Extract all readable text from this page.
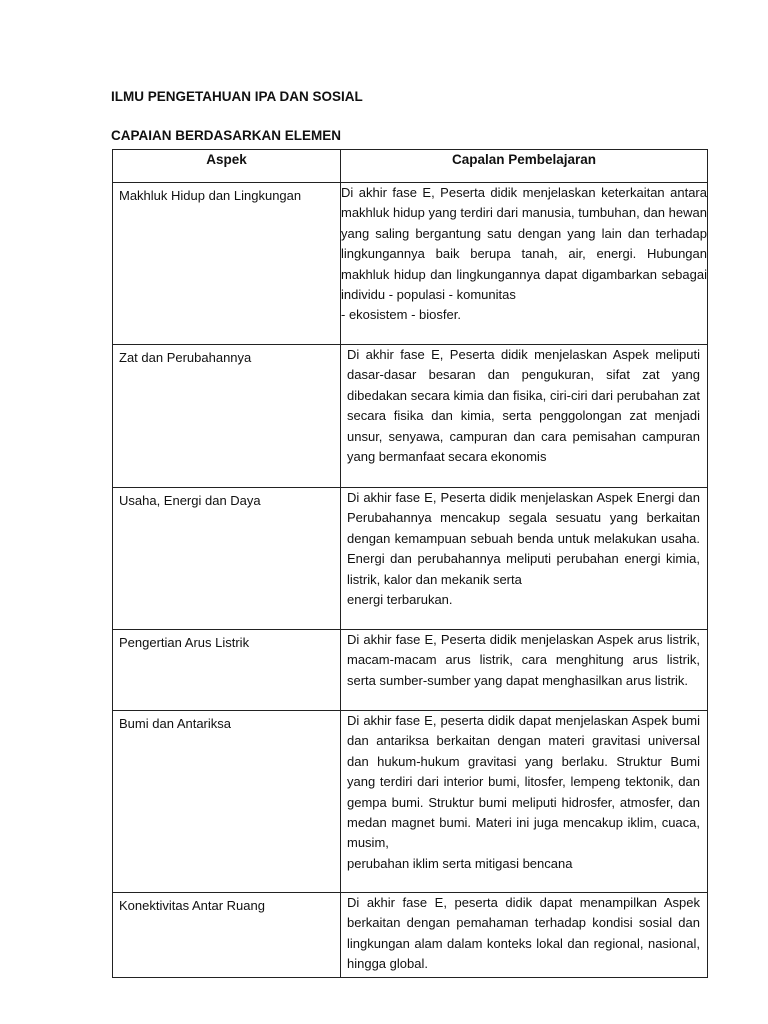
ILMU PENGETAHUAN IPA DAN SOSIAL

CAPAIAN BERDASARKAN ELEMEN

Aspek	Capalan Pembelajaran

Makhluk Hidup dan Lingkungan	Di akhir fase E, Peserta didik menjelaskan keterkaitan antara makhluk hidup yang terdiri dari manusia, tumbuhan, dan hewan yang saling bergantung satu dengan yang lain dan terhadap lingkungannya baik berupa tanah, air, energi. Hubungan makhluk hidup dan lingkungannya dapat digambarkan sebagai individu - populasi - komunitas
- ekosistem - biosfer.

Zat dan Perubahannya	Di akhir fase E, Peserta didik menjelaskan Aspek meliputi dasar-dasar besaran dan pengukuran, sifat zat yang dibedakan secara kimia dan fisika, ciri-ciri dari perubahan zat secara fisika dan kimia, serta penggolongan zat menjadi unsur, senyawa, campuran dan cara pemisahan campuran yang bermanfaat secara ekonomis

Usaha, Energi dan Daya	Di akhir fase E, Peserta didik menjelaskan Aspek Energi dan Perubahannya mencakup segala sesuatu yang berkaitan dengan kemampuan sebuah benda untuk melakukan usaha. Energi dan perubahannya meliputi perubahan energi kimia, listrik, kalor dan mekanik serta
energi terbarukan.

Pengertian Arus Listrik	Di akhir fase E, Peserta didik menjelaskan Aspek arus listrik, macam-macam arus listrik, cara menghitung arus listrik, serta sumber-sumber yang dapat menghasilkan arus listrik.

Bumi dan Antariksa	Di akhir fase E, peserta didik dapat menjelaskan Aspek bumi dan antariksa berkaitan dengan materi gravitasi universal dan hukum-hukum gravitasi yang berlaku. Struktur Bumi yang terdiri dari interior bumi, litosfer, lempeng tektonik, dan gempa bumi. Struktur bumi meliputi hidrosfer, atmosfer, dan medan magnet bumi. Materi ini juga mencakup iklim, cuaca, musim,
perubahan iklim serta mitigasi bencana

Konektivitas Antar Ruang	Di akhir fase E, peserta didik dapat menampilkan Aspek berkaitan dengan pemahaman terhadap kondisi sosial dan lingkungan alam dalam konteks lokal dan regional, nasional, hingga global.
